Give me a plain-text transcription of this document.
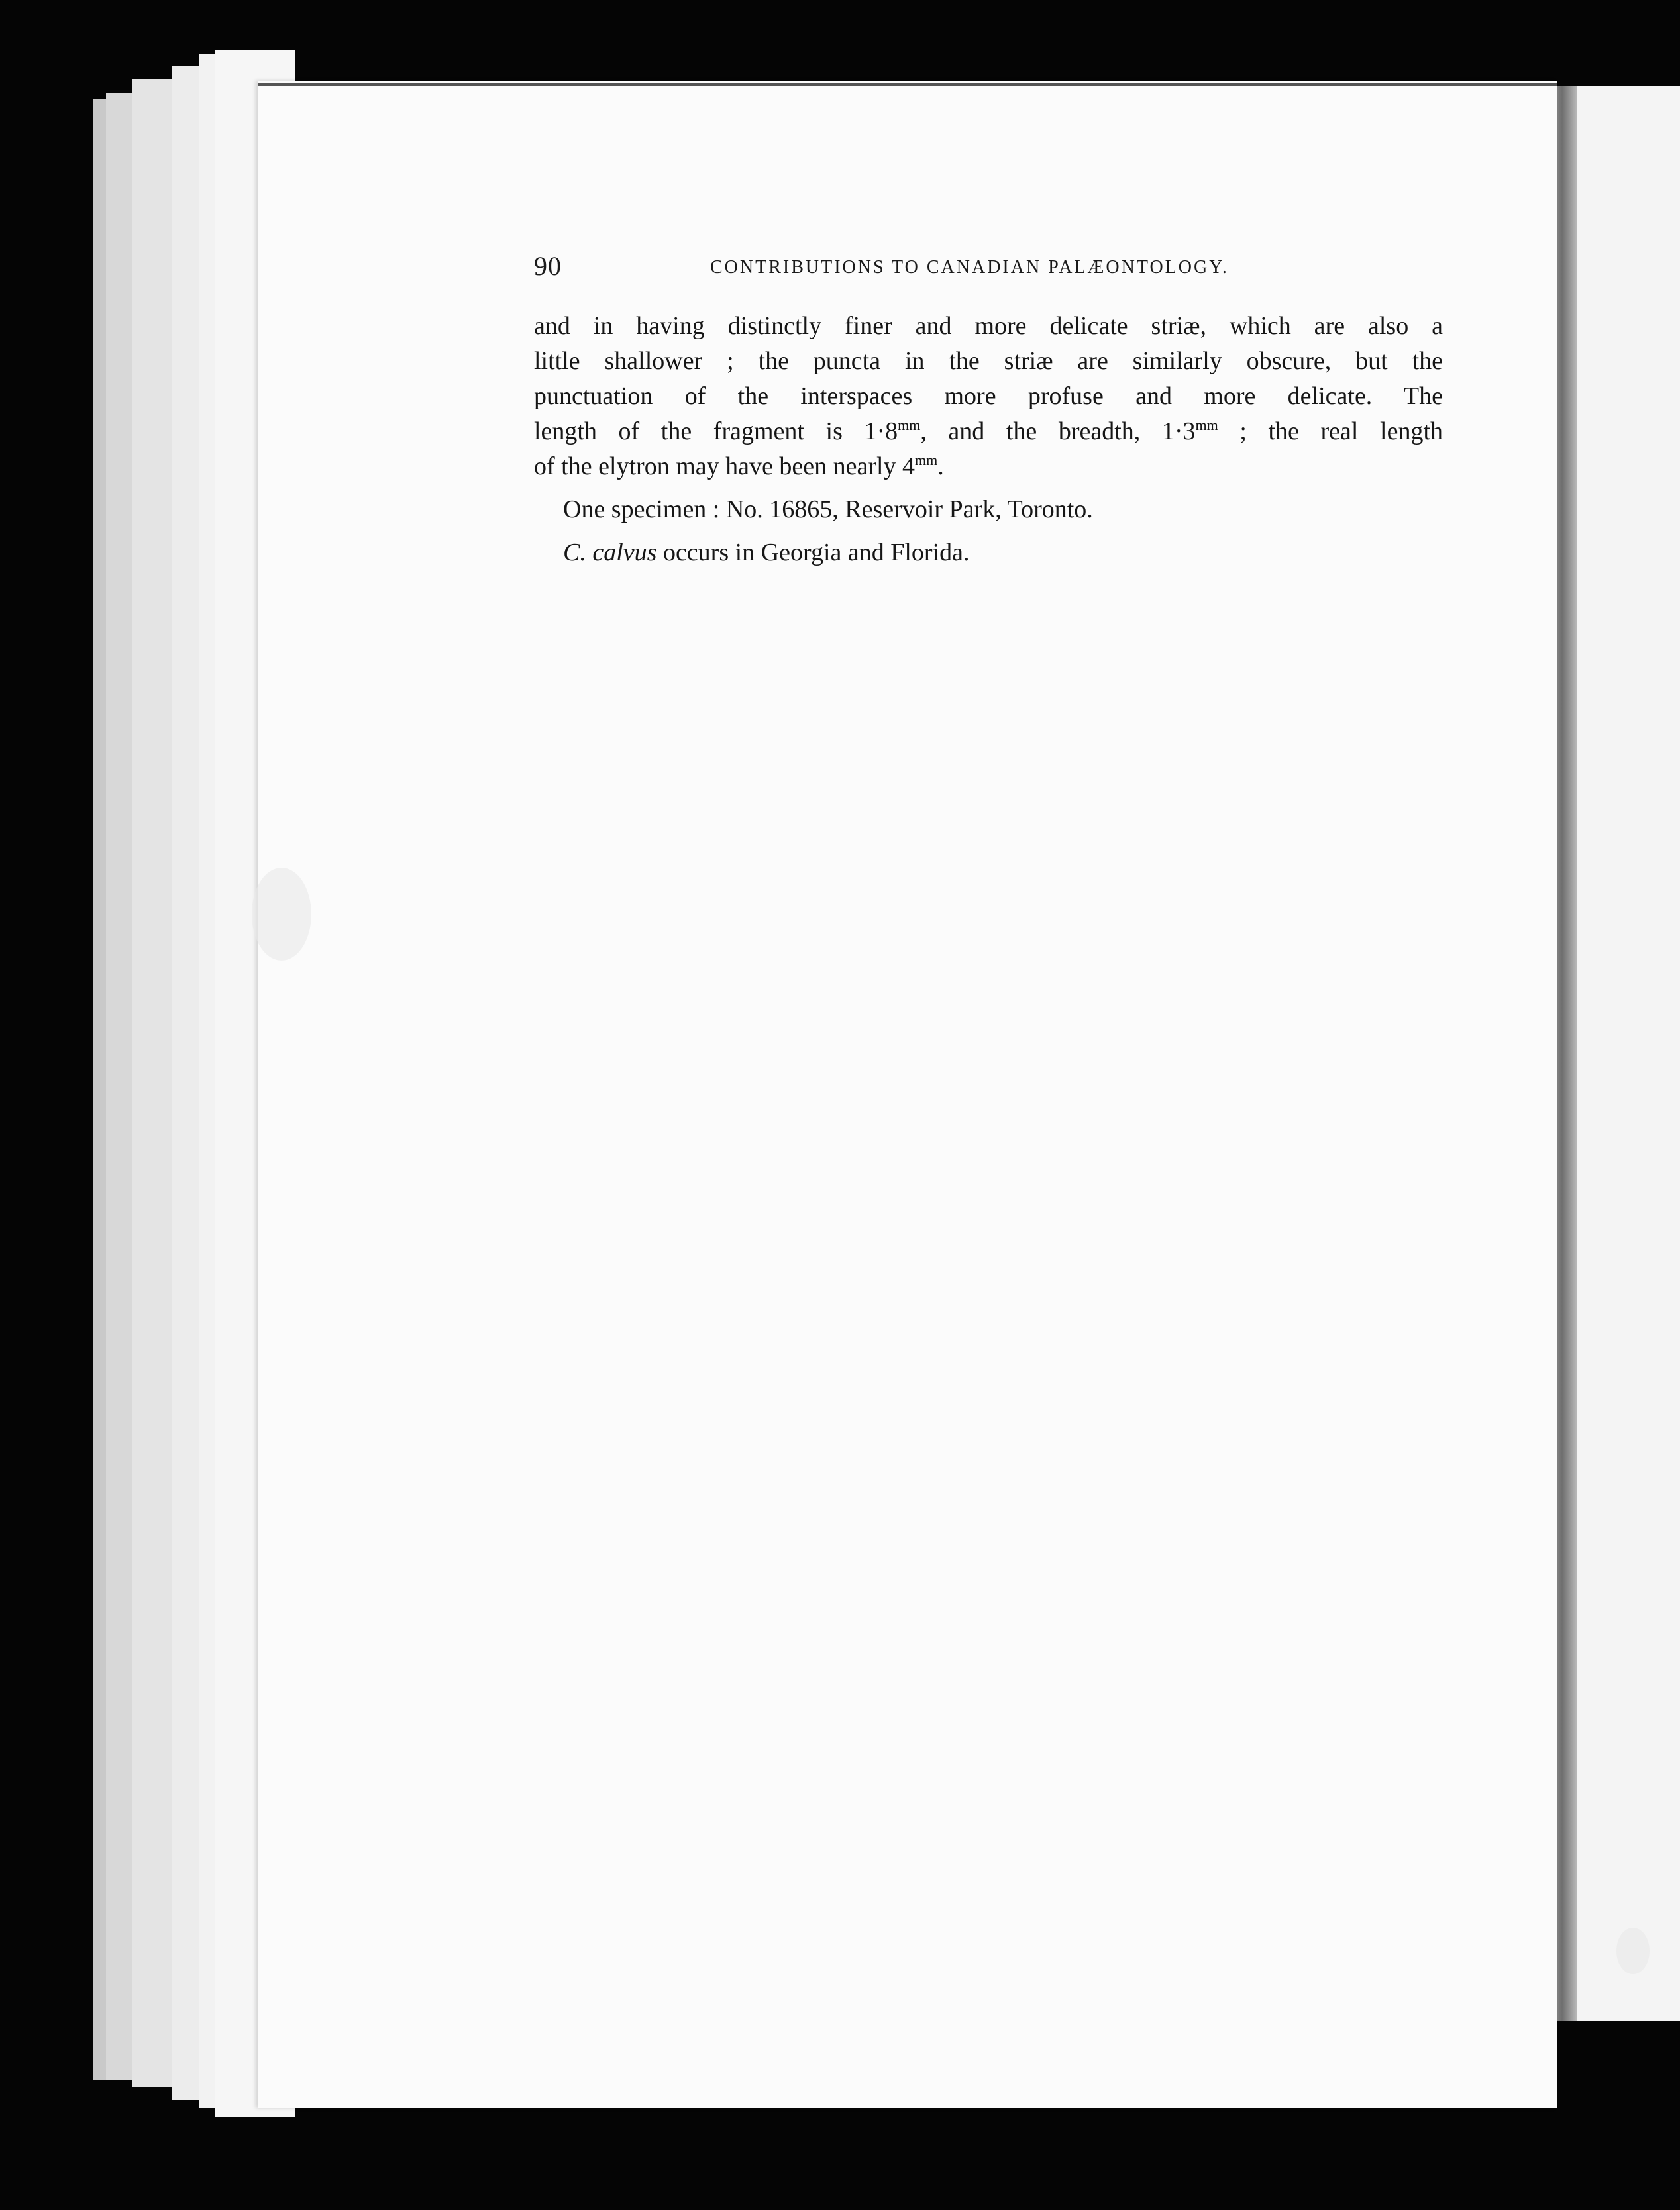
90	CONTRIBUTIONS TO CANADIAN PALÆONTOLOGY.
and in having distinctly finer and more delicate striæ, which are also a
little shallower ; the puncta in the striæ are similarly obscure, but the
punctuation of the interspaces more profuse and more delicate. The
length of the fragment is $1\cdot 8^{mm}$, and the breadth, $1\cdot 3^{mm}$ ; the real length
of the elytron may have been nearly $4^{mm}$.
One specimen : No. 16865, Reservoir Park, Toronto.
C. calvus occurs in Georgia and Florida.
